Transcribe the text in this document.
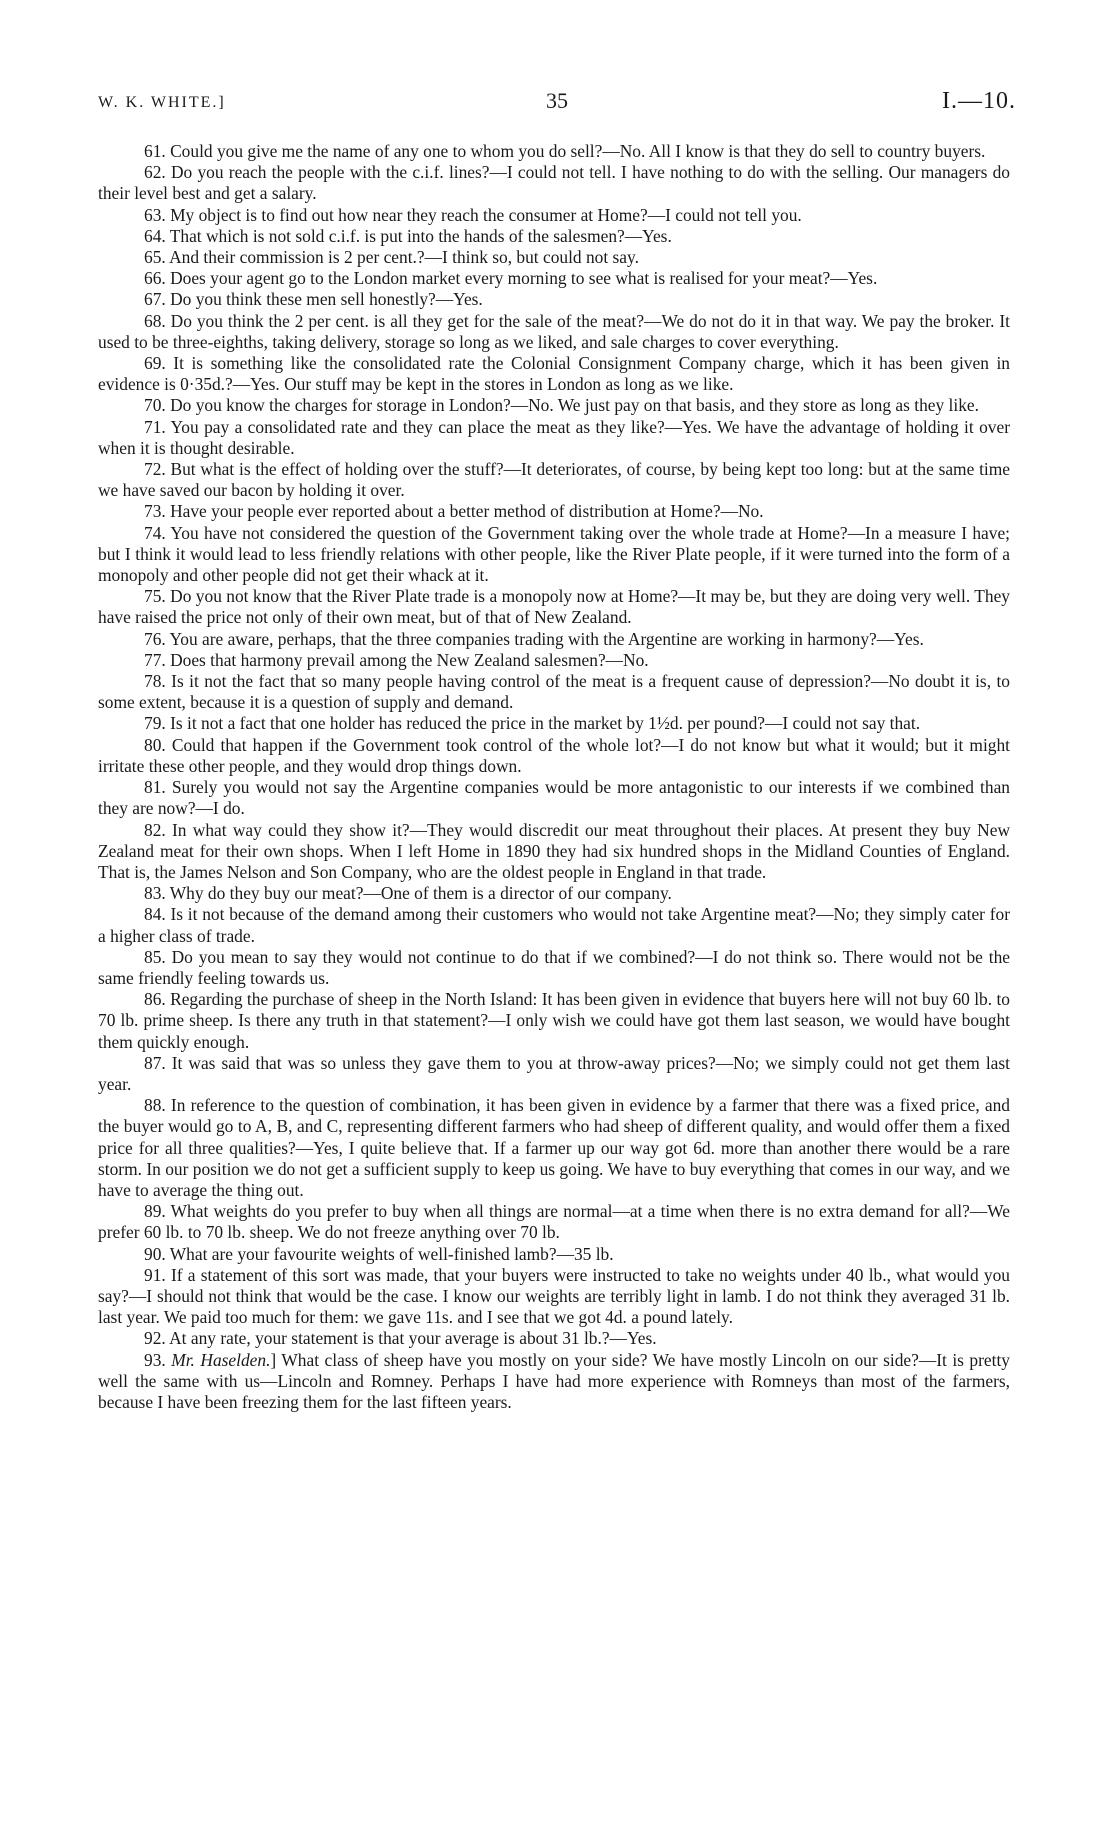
W. K. WHITE.]	35	I.—10.

61. Could you give me the name of any one to whom you do sell?—No. All I know is that they do sell to country buyers.

62. Do you reach the people with the c.i.f. lines?—I could not tell. I have nothing to do with the selling. Our managers do their level best and get a salary.

63. My object is to find out how near they reach the consumer at Home?—I could not tell you.

64. That which is not sold c.i.f. is put into the hands of the salesmen?—Yes.

65. And their commission is 2 per cent.?—I think so, but could not say.

66. Does your agent go to the London market every morning to see what is realised for your meat?—Yes.

67. Do you think these men sell honestly?—Yes.

68. Do you think the 2 per cent. is all they get for the sale of the meat?—We do not do it in that way. We pay the broker. It used to be three-eighths, taking delivery, storage so long as we liked, and sale charges to cover everything.

69. It is something like the consolidated rate the Colonial Consignment Company charge, which it has been given in evidence is 0·35d.?—Yes. Our stuff may be kept in the stores in London as long as we like.

70. Do you know the charges for storage in London?—No. We just pay on that basis, and they store as long as they like.

71. You pay a consolidated rate and they can place the meat as they like?—Yes. We have the advantage of holding it over when it is thought desirable.

72. But what is the effect of holding over the stuff?—It deteriorates, of course, by being kept too long: but at the same time we have saved our bacon by holding it over.

73. Have your people ever reported about a better method of distribution at Home?—No.

74. You have not considered the question of the Government taking over the whole trade at Home?—In a measure I have; but I think it would lead to less friendly relations with other people, like the River Plate people, if it were turned into the form of a monopoly and other people did not get their whack at it.

75. Do you not know that the River Plate trade is a monopoly now at Home?—It may be, but they are doing very well. They have raised the price not only of their own meat, but of that of New Zealand.

76. You are aware, perhaps, that the three companies trading with the Argentine are working in harmony?—Yes.

77. Does that harmony prevail among the New Zealand salesmen?—No.

78. Is it not the fact that so many people having control of the meat is a frequent cause of depression?—No doubt it is, to some extent, because it is a question of supply and demand.

79. Is it not a fact that one holder has reduced the price in the market by 1½d. per pound?—I could not say that.

80. Could that happen if the Government took control of the whole lot?—I do not know but what it would; but it might irritate these other people, and they would drop things down.

81. Surely you would not say the Argentine companies would be more antagonistic to our interests if we combined than they are now?—I do.

82. In what way could they show it?—They would discredit our meat throughout their places. At present they buy New Zealand meat for their own shops. When I left Home in 1890 they had six hundred shops in the Midland Counties of England. That is, the James Nelson and Son Company, who are the oldest people in England in that trade.

83. Why do they buy our meat?—One of them is a director of our company.

84. Is it not because of the demand among their customers who would not take Argentine meat?—No; they simply cater for a higher class of trade.

85. Do you mean to say they would not continue to do that if we combined?—I do not think so. There would not be the same friendly feeling towards us.

86. Regarding the purchase of sheep in the North Island: It has been given in evidence that buyers here will not buy 60 lb. to 70 lb. prime sheep. Is there any truth in that statement?—I only wish we could have got them last season, we would have bought them quickly enough.

87. It was said that was so unless they gave them to you at throw-away prices?—No; we simply could not get them last year.

88. In reference to the question of combination, it has been given in evidence by a farmer that there was a fixed price, and the buyer would go to A, B, and C, representing different farmers who had sheep of different quality, and would offer them a fixed price for all three qualities?—Yes, I quite believe that. If a farmer up our way got 6d. more than another there would be a rare storm. In our position we do not get a sufficient supply to keep us going. We have to buy everything that comes in our way, and we have to average the thing out.

89. What weights do you prefer to buy when all things are normal—at a time when there is no extra demand for all?—We prefer 60 lb. to 70 lb. sheep. We do not freeze anything over 70 lb.

90. What are your favourite weights of well-finished lamb?—35 lb.

91. If a statement of this sort was made, that your buyers were instructed to take no weights under 40 lb., what would you say?—I should not think that would be the case. I know our weights are terribly light in lamb. I do not think they averaged 31 lb. last year. We paid too much for them: we gave 11s. and I see that we got 4d. a pound lately.

92. At any rate, your statement is that your average is about 31 lb.?—Yes.

93. Mr. Haselden.] What class of sheep have you mostly on your side? We have mostly Lincoln on our side?—It is pretty well the same with us—Lincoln and Romney. Perhaps I have had more experience with Romneys than most of the farmers, because I have been freezing them for the last fifteen years.
